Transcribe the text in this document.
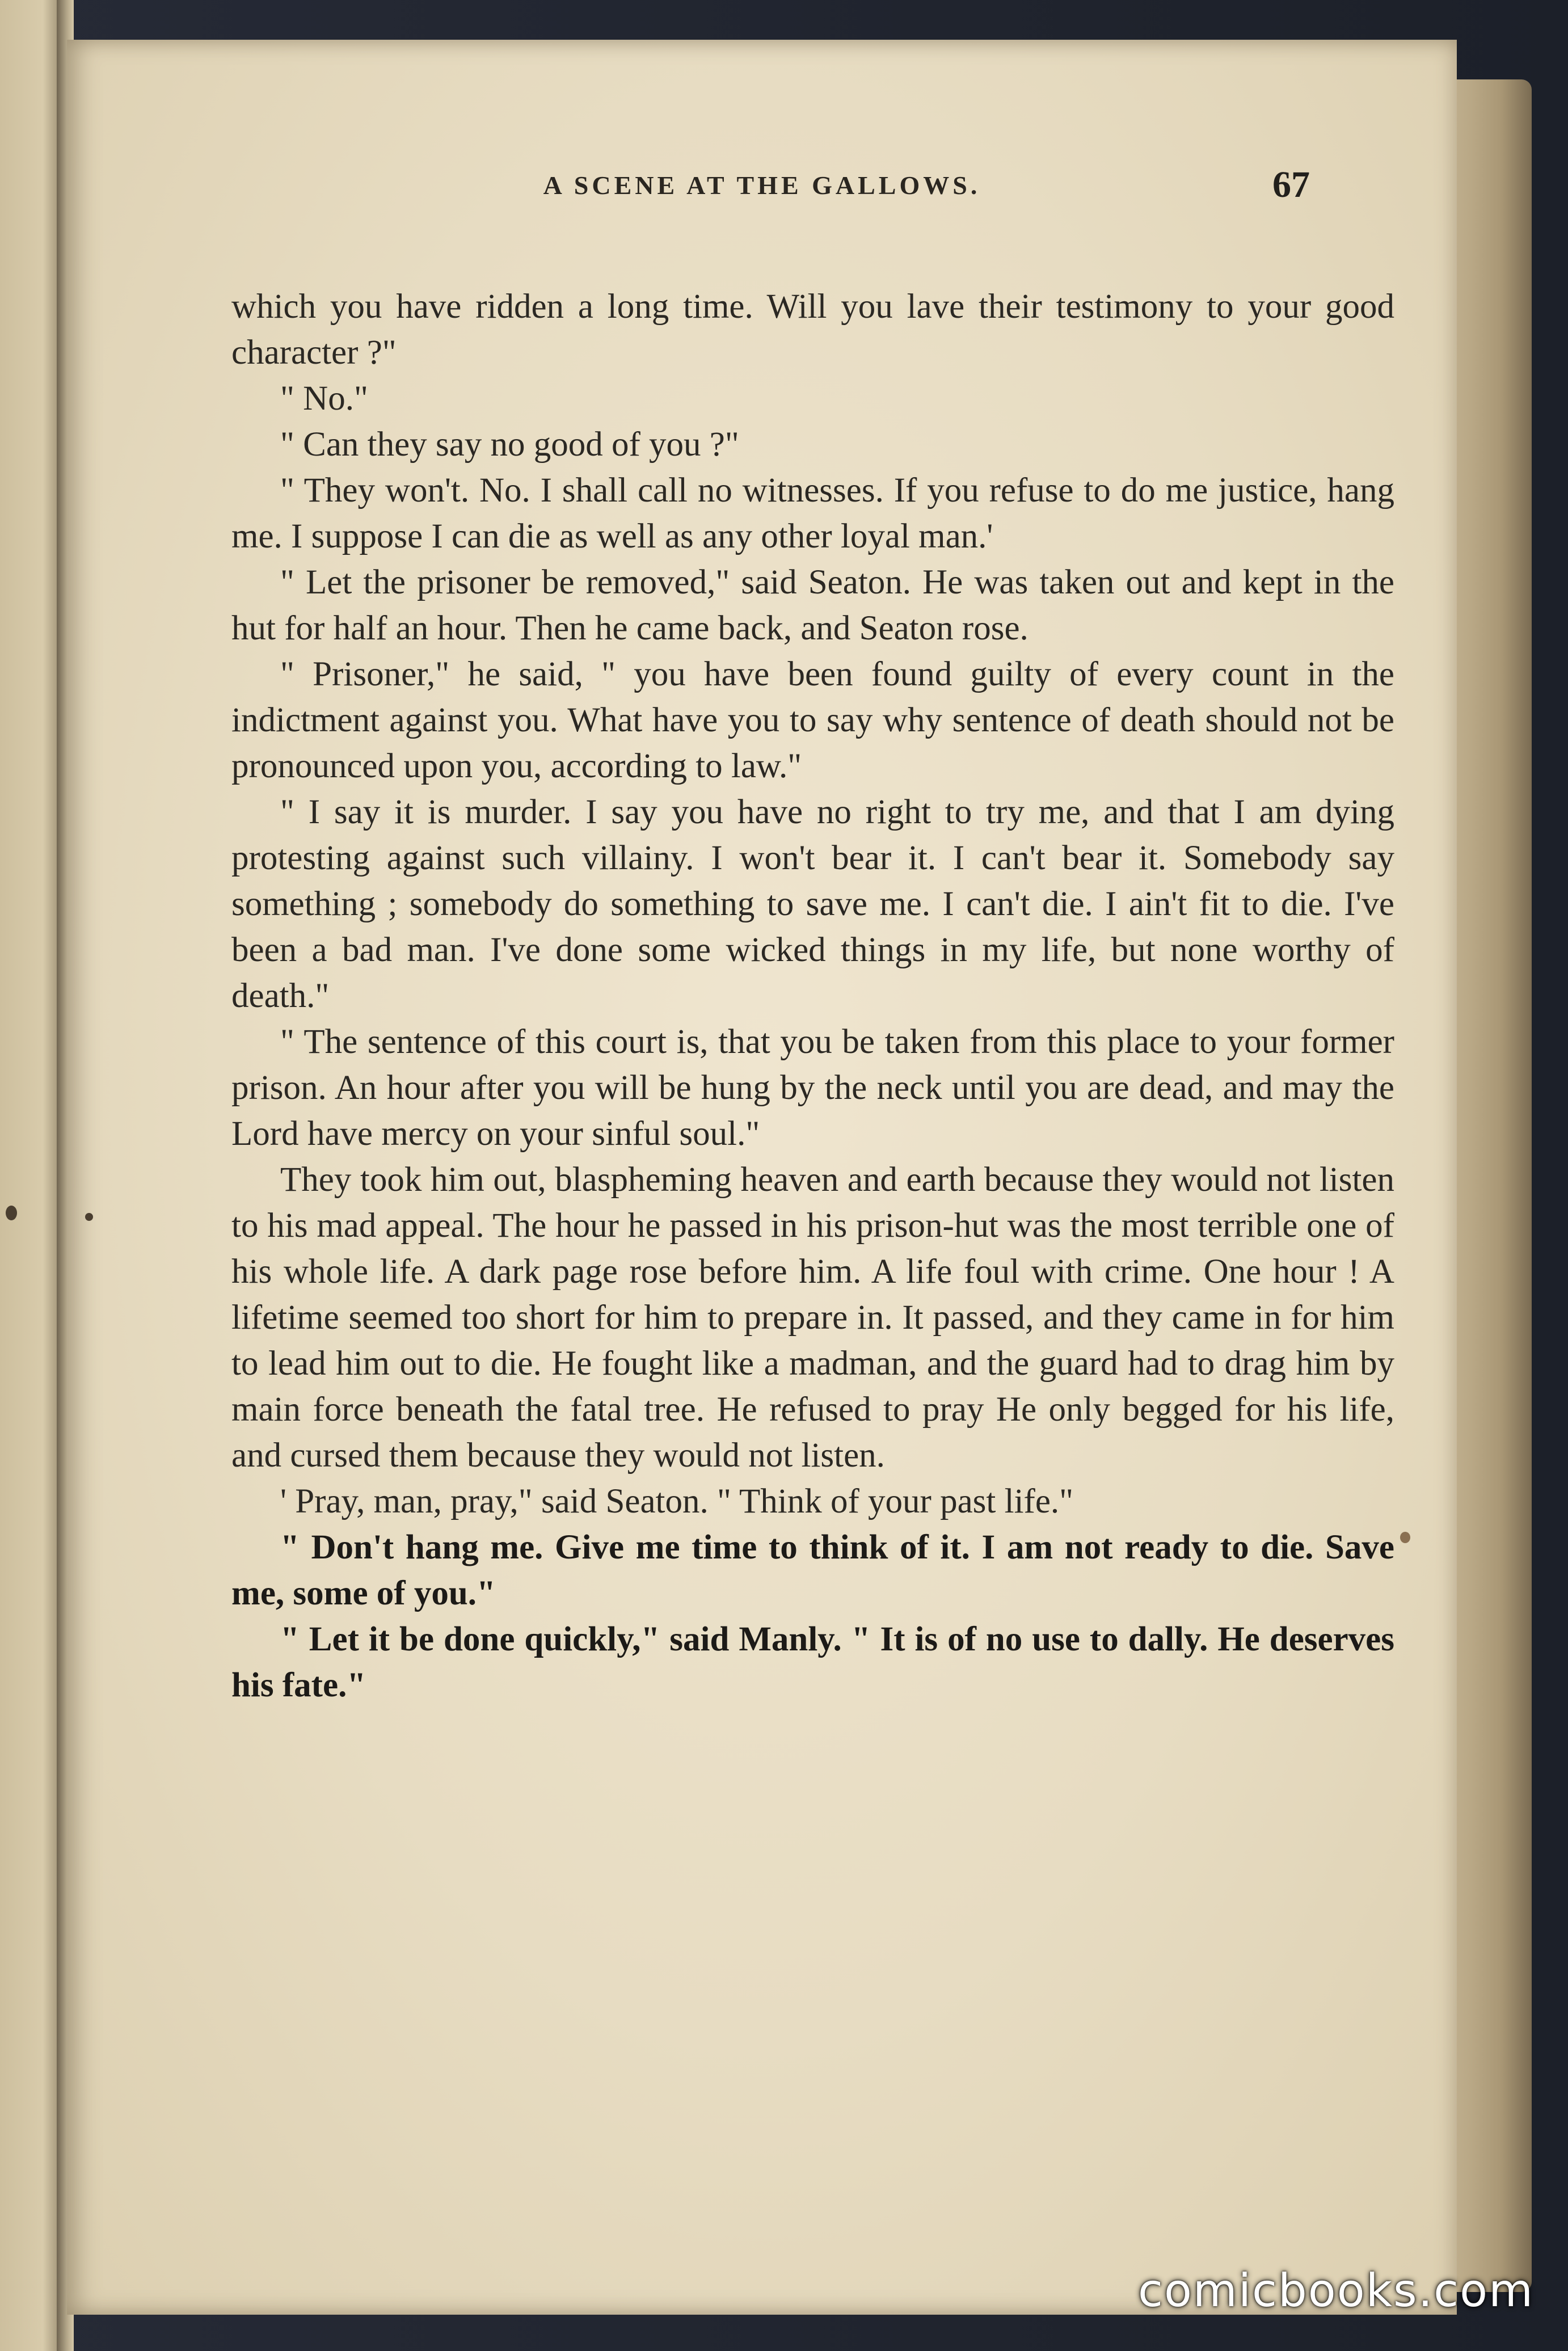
A SCENE AT THE GALLOWS.	67

which you have ridden a long time. Will you lave their testimony to your good character ?"

" No."

" Can they say no good of you ?"

" They won't. No. I shall call no witnesses. If you refuse to do me justice, hang me. I suppose I can die as well as any other loyal man.'

" Let the prisoner be removed," said Seaton. He was taken out and kept in the hut for half an hour. Then he came back, and Seaton rose.

" Prisoner," he said, " you have been found guilty of every count in the indictment against you. What have you to say why sentence of death should not be pronounced upon you, according to law."

" I say it is murder. I say you have no right to try me, and that I am dying protesting against such villainy. I won't bear it. I can't bear it. Somebody say something ; somebody do something to save me. I can't die. I ain't fit to die. I've been a bad man. I've done some wicked things in my life, but none worthy of death."

" The sentence of this court is, that you be taken from this place to your former prison. An hour after you will be hung by the neck until you are dead, and may the Lord have mercy on your sinful soul."

They took him out, blaspheming heaven and earth because they would not listen to his mad appeal. The hour he passed in his prison-hut was the most terrible one of his whole life. A dark page rose before him. A life foul with crime. One hour ! A lifetime seemed too short for him to prepare in. It passed, and they came in for him to lead him out to die. He fought like a madman, and the guard had to drag him by main force beneath the fatal tree. He refused to pray He only begged for his life, and cursed them because they would not listen.

' Pray, man, pray," said Seaton. " Think of your past life."

" Don't hang me. Give me time to think of it. I am not ready to die. Save me, some of you."

" Let it be done quickly," said Manly. " It is of no use to dally. He deserves his fate."

comicbooks.com
